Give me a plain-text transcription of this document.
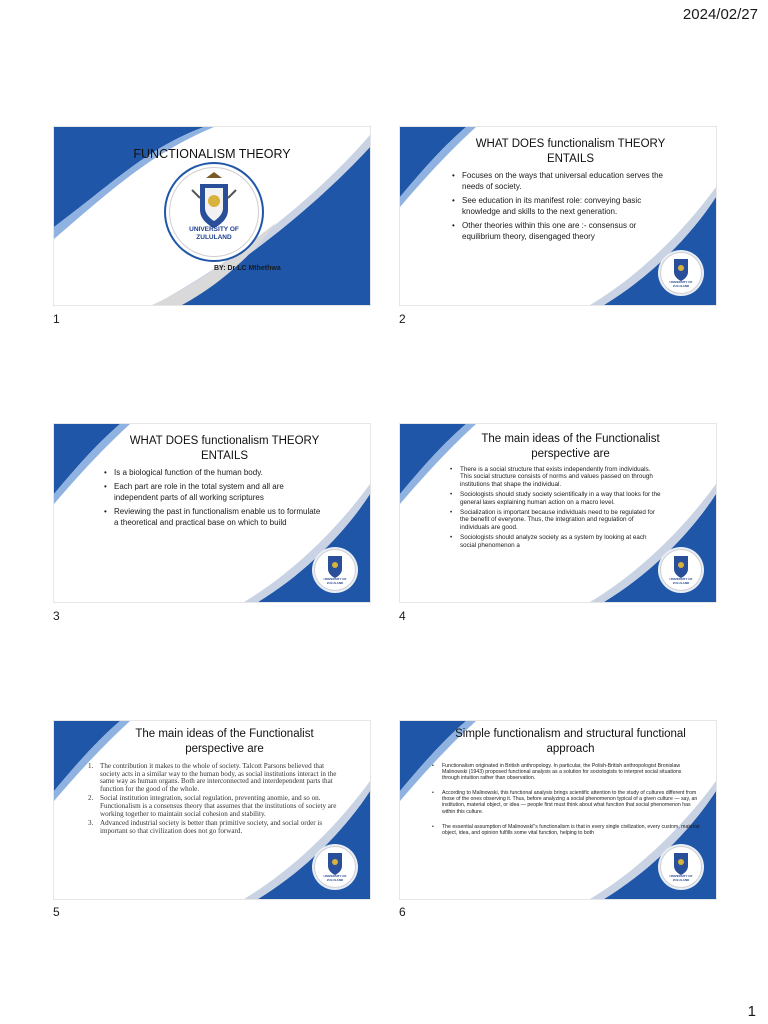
2024/02/27
FUNCTIONALISM THEORY
UNIVERSITY OF
ZULULAND
BY: Dr LC Mthethwa
1
WHAT DOES functionalism THEORY ENTAILS
• Focuses on the ways that universal education serves the needs of society.
• See education in its manifest role: conveying basic knowledge and skills to the next generation.
• Other theories within this one are :- consensus or equilibrium theory, disengaged theory
UNIVERSITY OF
ZULULAND
2
WHAT DOES functionalism THEORY ENTAILS
• Is a biological function of the human body.
• Each part are role in the total system and all are independent parts of all working scriptures
• Reviewing the past in functionalism enable us to formulate a theoretical and practical base on which to build
UNIVERSITY OF
ZULULAND
3
The main ideas of the Functionalist perspective are
• There is a social structure that exists independently from individuals. This social structure consists of norms and values passed on through institutions that shape the individual.
• Sociologists should study society scientifically in a way that looks for the general laws explaining human action on a macro level.
• Socialization is important because individuals need to be regulated for the benefit of everyone. Thus, the integration and regulation of individuals are good.
• Sociologists should analyze society as a system by looking at each social phenomenon a
UNIVERSITY OF
ZULULAND
4
The main ideas of the Functionalist perspective are
1. The contribution it makes to the whole of society. Talcott Parsons believed that society acts in a similar way to the human body, as social institutions interact in the same way as human organs. Both are interconnected and interdependent parts that function for the good of the whole.
2. Social institution integration, social regulation, preventing anomie, and so on. Functionalism is a consensus theory that assumes that the institutions of society are working together to maintain social cohesion and stability.
3. Advanced industrial society is better than primitive society, and social order is important so that civilization does not go forward.
UNIVERSITY OF
ZULULAND
5
Simple functionalism and structural functional approach
• Functionalism originated in British anthropology. In particular, the Polish-British anthropologist Bronislaw Malinowski (1943) proposed functional analysis as a solution for sociologists to interpret social situations through intuition rather than observation.
• According to Malinowski, this functional analysis brings scientific attention to the study of cultures different from those of the ones observing it. Thus, before analyzing a social phenomenon typical of a given culture — say, an institution, material object, or idea — people first must think about what function that social phenomenon has within this culture.
• The essential assumption of Malinowski"s functionalism is that in every single civilization, every custom, material object, idea, and opinion fulfills some vital function, helping to both
UNIVERSITY OF
ZULULAND
6
1
